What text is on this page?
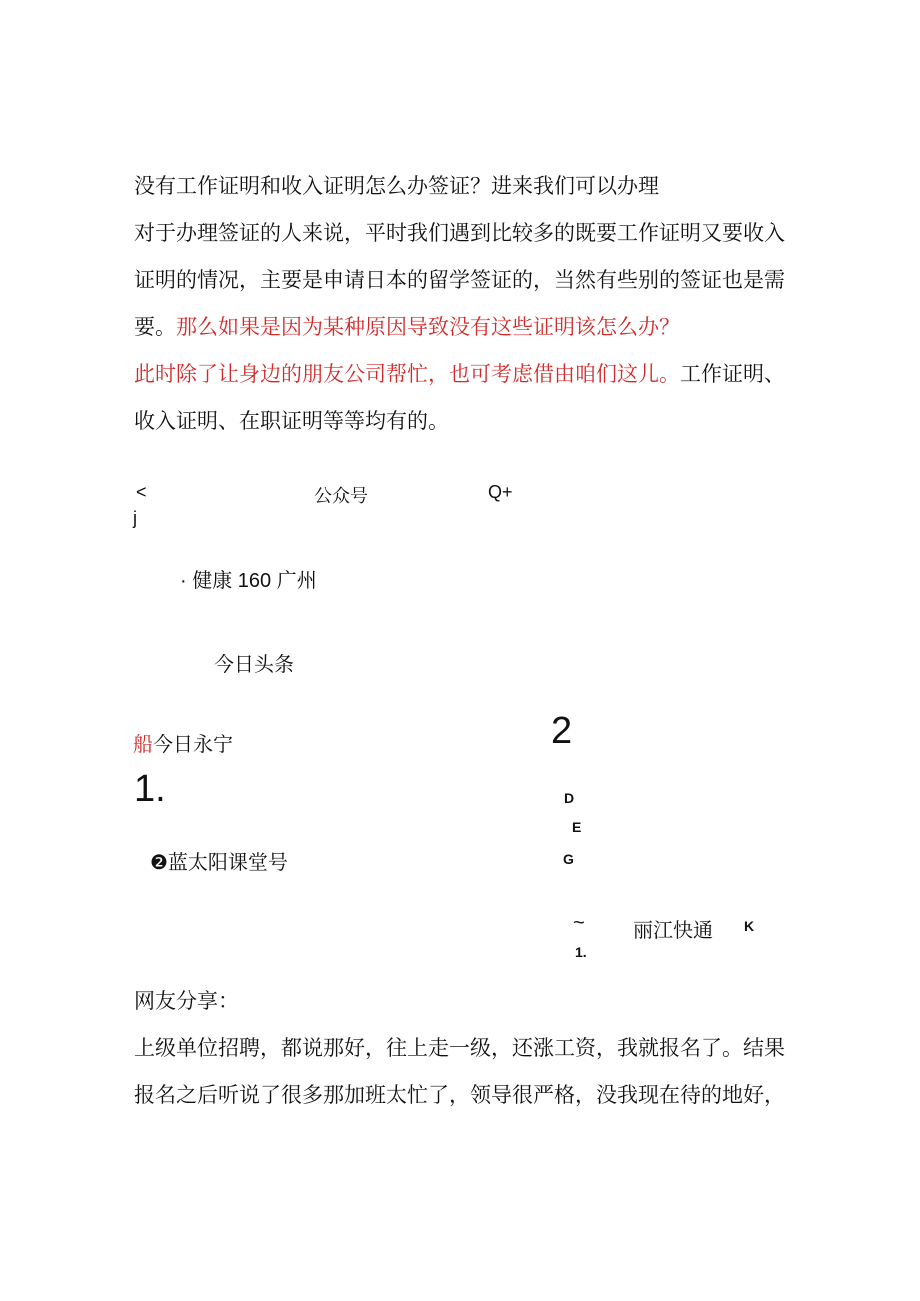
没有工作证明和收入证明怎么办签证？进来我们可以办理
对于办理签证的人来说，平时我们遇到比较多的既要工作证明又要收入
证明的情况，主要是申请日本的留学签证的，当然有些别的签证也是需
要。那么如果是因为某种原因导致没有这些证明该怎么办？
此时除了让身边的朋友公司帮忙，也可考虑借由咱们这儿。工作证明、
收入证明、在职证明等等均有的。
<	公众号	Q+
j
· 健康 160 广州
今日头条
船今日永宁	2
1.	D
E
G
❷蓝太阳课堂号
~ 丽江快通 K
1.
网友分享：
上级单位招聘，都说那好，往上走一级，还涨工资，我就报名了。结果
报名之后听说了很多那加班太忙了，领导很严格，没我现在待的地好，
